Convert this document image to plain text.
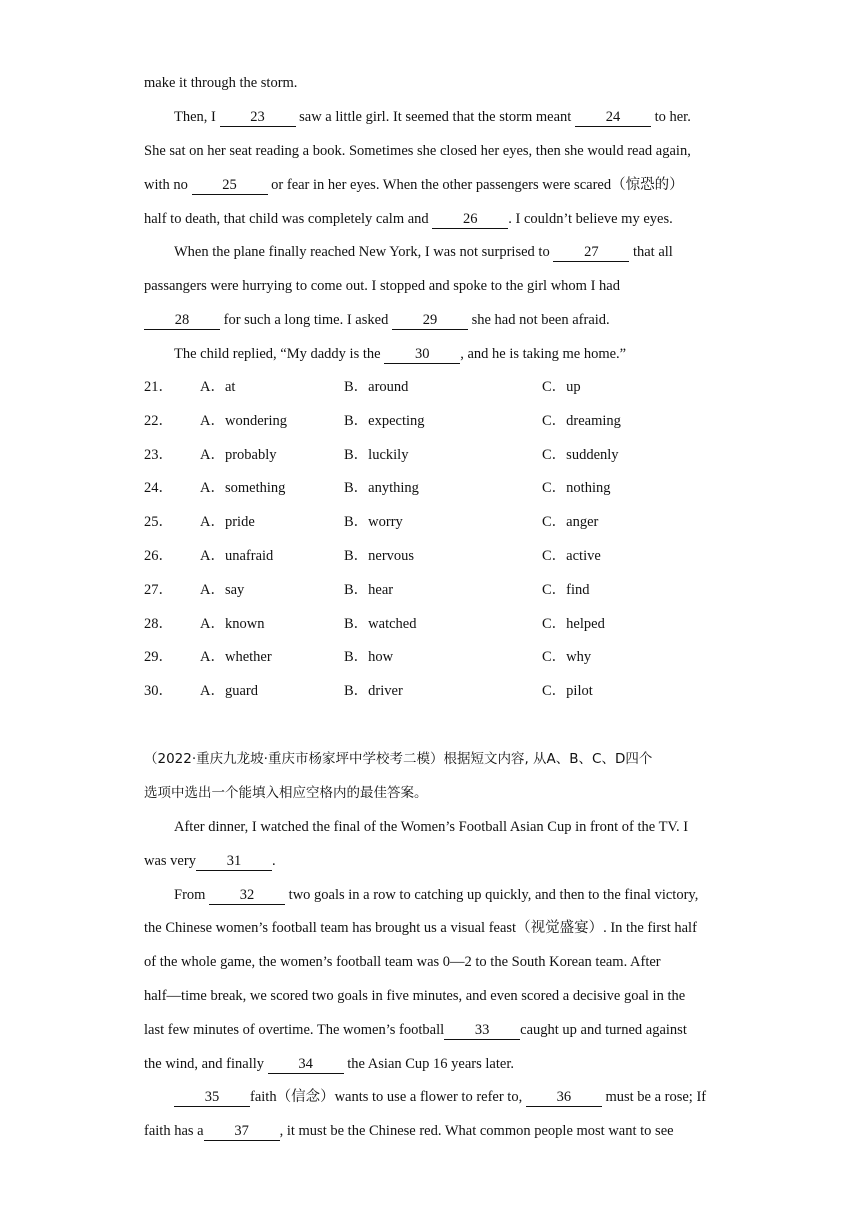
make it through the storm.
Then, I 23 saw a little girl. It seemed that the storm meant 24 to her.
She sat on her seat reading a book. Sometimes she closed her eyes, then she would read again,
with no 25 or fear in her eyes. When the other passengers were scared（惊恐的）
half to death, that child was completely calm and 26 . I couldn’t believe my eyes.
When the plane finally reached New York, I was not surprised to 27 that all
passangers were hurrying to come out. I stopped and spoke to the girl whom I had
28 for such a long time. I asked 29 she had not been afraid.
The child replied, “My daddy is the 30 , and he is taking me home.”
21． A．at	B．around	C．up
22． A．wondering	B．expecting	C．dreaming
23． A．probably	B．luckily	C．suddenly
24． A．something	B．anything	C．nothing
25． A．pride	B．worry	C．anger
26． A．unafraid	B．nervous	C．active
27． A．say	B．hear	C．find
28． A．known	B．watched	C．helped
29． A．whether	B．how	C．why
30． A．guard	B．driver	C．pilot
（2022·重庆九龙坡·重庆市杨家坪中学校考二模）根据短文内容, 从A、B、C、D四个
选项中选出一个能填入相应空格内的最佳答案。
After dinner, I watched the final of the Women’s Football Asian Cup in front of the TV. I
was very 31 .
From 32 two goals in a row to catching up quickly, and then to the final victory,
the Chinese women’s football team has brought us a visual feast（视觉盛宴）. In the first half
of the whole game, the women’s football team was 0—2 to the South Korean team. After
half—time break, we scored two goals in five minutes, and even scored a decisive goal in the
last few minutes of overtime. The women’s football 33 caught up and turned against
the wind, and finally 34 the Asian Cup 16 years later.
35 faith（信念）wants to use a flower to refer to, 36 must be a rose; If
faith has a 37 , it must be the Chinese red. What common people most want to see
